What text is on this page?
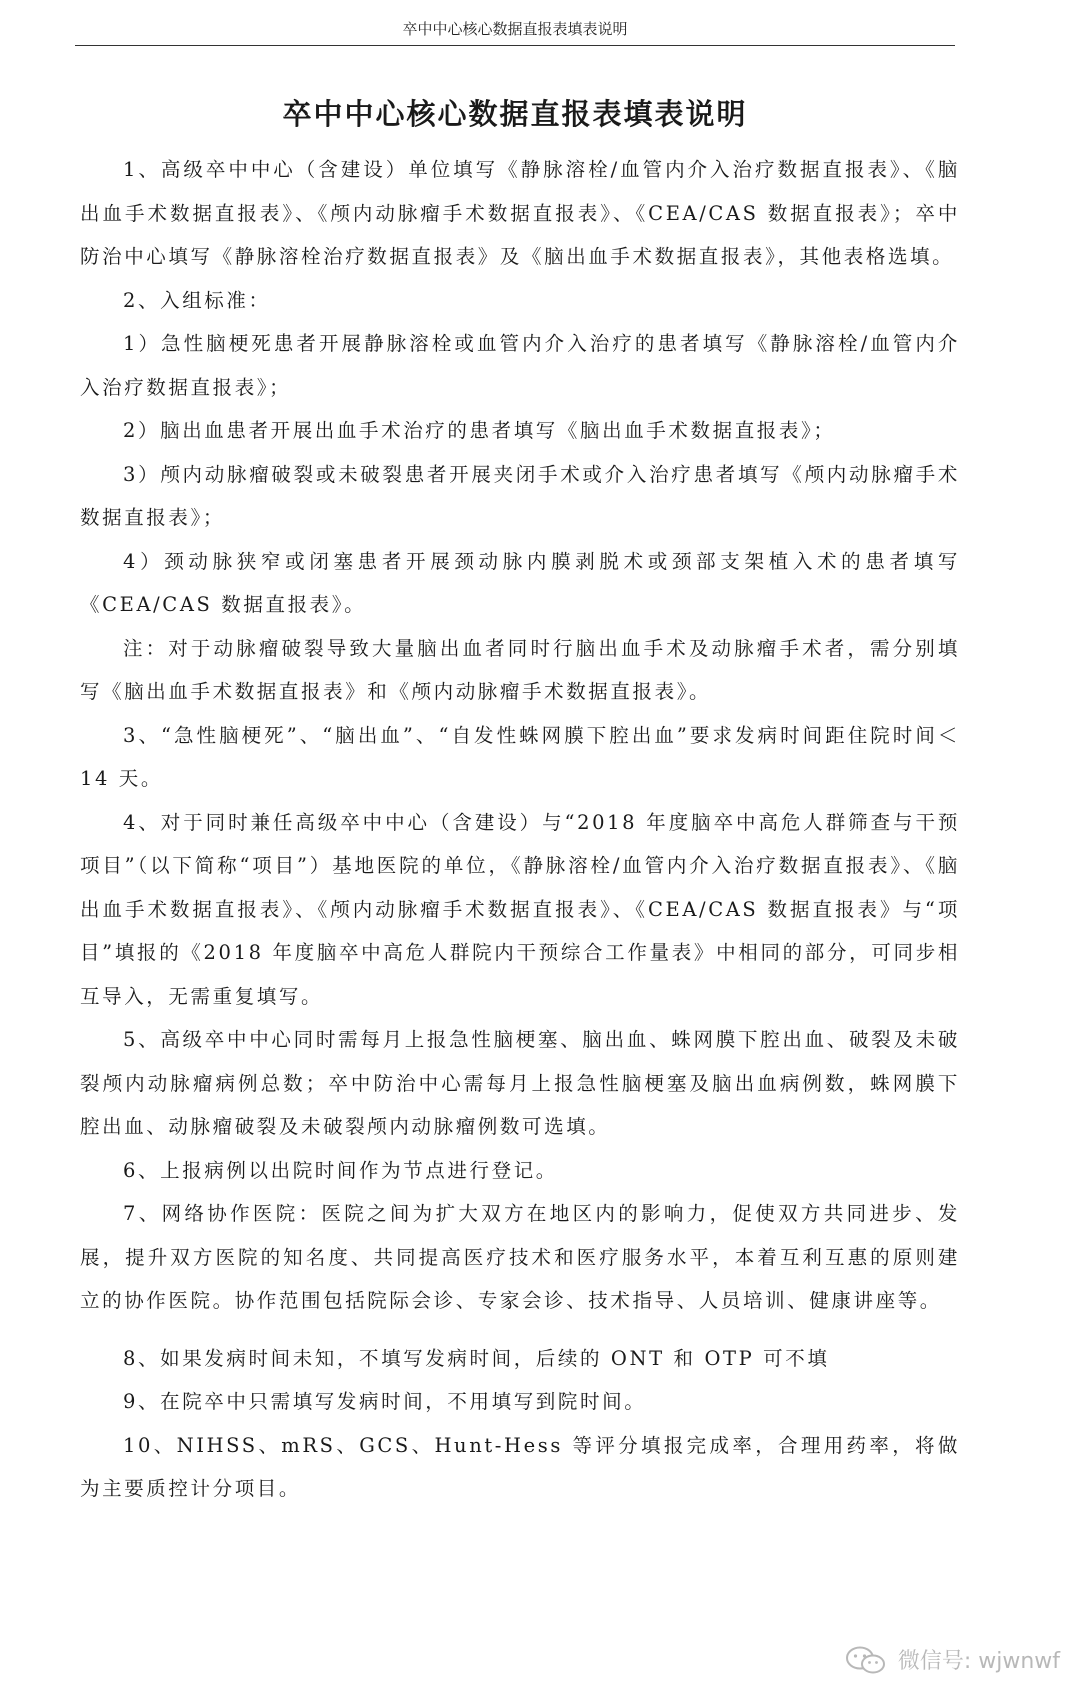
卒中中心核心数据直报表填表说明
卒中中心核心数据直报表填表说明

1、高级卒中中心（含建设）单位填写《静脉溶栓/血管内介入治疗数据直报表》、《脑出血手术数据直报表》、《颅内动脉瘤手术数据直报表》、《CEA/CAS 数据直报表》；卒中防治中心填写《静脉溶栓治疗数据直报表》及《脑出血手术数据直报表》，其他表格选填。

2、入组标准：

1）急性脑梗死患者开展静脉溶栓或血管内介入治疗的患者填写《静脉溶栓/血管内介入治疗数据直报表》；

2）脑出血患者开展出血手术治疗的患者填写《脑出血手术数据直报表》；

3）颅内动脉瘤破裂或未破裂患者开展夹闭手术或介入治疗患者填写《颅内动脉瘤手术数据直报表》；

4）颈动脉狭窄或闭塞患者开展颈动脉内膜剥脱术或颈部支架植入术的患者填写《CEA/CAS 数据直报表》。

注：对于动脉瘤破裂导致大量脑出血者同时行脑出血手术及动脉瘤手术者，需分别填写《脑出血手术数据直报表》和《颅内动脉瘤手术数据直报表》。

3、“急性脑梗死”、“脑出血”、“自发性蛛网膜下腔出血”要求发病时间距住院时间＜14 天。

4、对于同时兼任高级卒中中心（含建设）与“2018 年度脑卒中高危人群筛查与干预项目”（以下简称“项目”）基地医院的单位，《静脉溶栓/血管内介入治疗数据直报表》、《脑出血手术数据直报表》、《颅内动脉瘤手术数据直报表》、《CEA/CAS 数据直报表》与“项目”填报的《2018 年度脑卒中高危人群院内干预综合工作量表》中相同的部分，可同步相互导入，无需重复填写。

5、高级卒中中心同时需每月上报急性脑梗塞、脑出血、蛛网膜下腔出血、破裂及未破裂颅内动脉瘤病例总数；卒中防治中心需每月上报急性脑梗塞及脑出血病例数，蛛网膜下腔出血、动脉瘤破裂及未破裂颅内动脉瘤例数可选填。

6、上报病例以出院时间作为节点进行登记。

7、网络协作医院：医院之间为扩大双方在地区内的影响力，促使双方共同进步、发展，提升双方医院的知名度、共同提高医疗技术和医疗服务水平，本着互利互惠的原则建立的协作医院。协作范围包括院际会诊、专家会诊、技术指导、人员培训、健康讲座等。

8、如果发病时间未知，不填写发病时间，后续的 ONT 和 OTP 可不填

9、在院卒中只需填写发病时间，不用填写到院时间。

10、NIHSS、mRS、GCS、Hunt-Hess 等评分填报完成率，合理用药率，将做为主要质控计分项目。

微信号: wjwnwf
